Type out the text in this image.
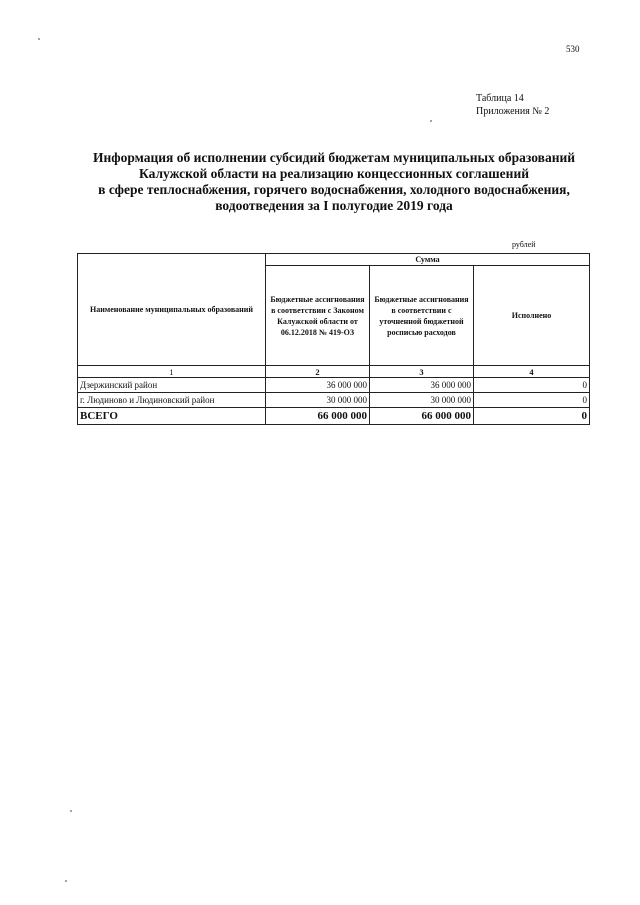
530
Таблица 14
Приложения № 2
Информация об исполнении субсидий бюджетам муниципальных образований
Калужской области на реализацию концессионных соглашений
в сфере теплоснабжения, горячего водоснабжения, холодного водоснабжения,
водоотведения за I полугодие 2019 года
рублей
Наименование муниципальных образований	Сумма		
	Бюджетные ассигнования в соответствии с Законом Калужской области от 06.12.2018 № 419-ОЗ	Бюджетные ассигнования в соответствии с уточненной бюджетной росписью расходов	Исполнено
1	2	3	4
Дзержинский район	36 000 000	36 000 000	0
г. Людиново и Людиновский район	30 000 000	30 000 000	0
ВСЕГО	66 000 000	66 000 000	0
